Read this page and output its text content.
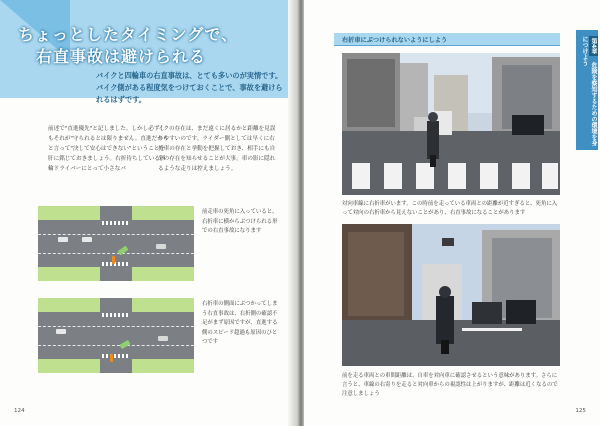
ちょっとしたタイミングで、
右直事故は避けられる
バイクと四輪車の右直事故は、とても多いのが実情です。バイク側がある程度気をつけておくことで、事故を避けられるはずです。
前述で"直進優先"と記しました。しかし必ずしもそれが"守られるとは限りません。直進だからと言って"決して安心はできない"ということを肝に銘じておきましょう。右折待ちしている四輪ドライバーにとって小さなバ
イクの存在は、まだ遠くに居るかと距離を見誤りやすいのです。ライダー側としては早くに右折車の存在と挙動を把握しておき、相手にも自分の存在を知らせることが大事。車の影に隠れるような走りは控えましょう。
前走車の死角に入っていると、右折車に横からぶつけられる形での右直事故になります
右折車の側面にぶつかってしまう右直事故は、右折側の確認不足がまず原因ですが、直進する側のスピード超過も原因のひとつです
124
右折車にぶつけられないようにしよう	第4章 危険を察知するための環境を身につけよう
対向車線に右折車がいます。この時前を走っている車両との距離が近すぎると、死角に入って対向の右折車から見えないことがあり、右直事故になることがあります
前を走る車両との車間距離は、自車を対向車に確認させるという意味があります。さらに言うと、車線の右寄りを走ると対向車からの視認性は上がりますが、距離は近くなるので注意しましょう
125
